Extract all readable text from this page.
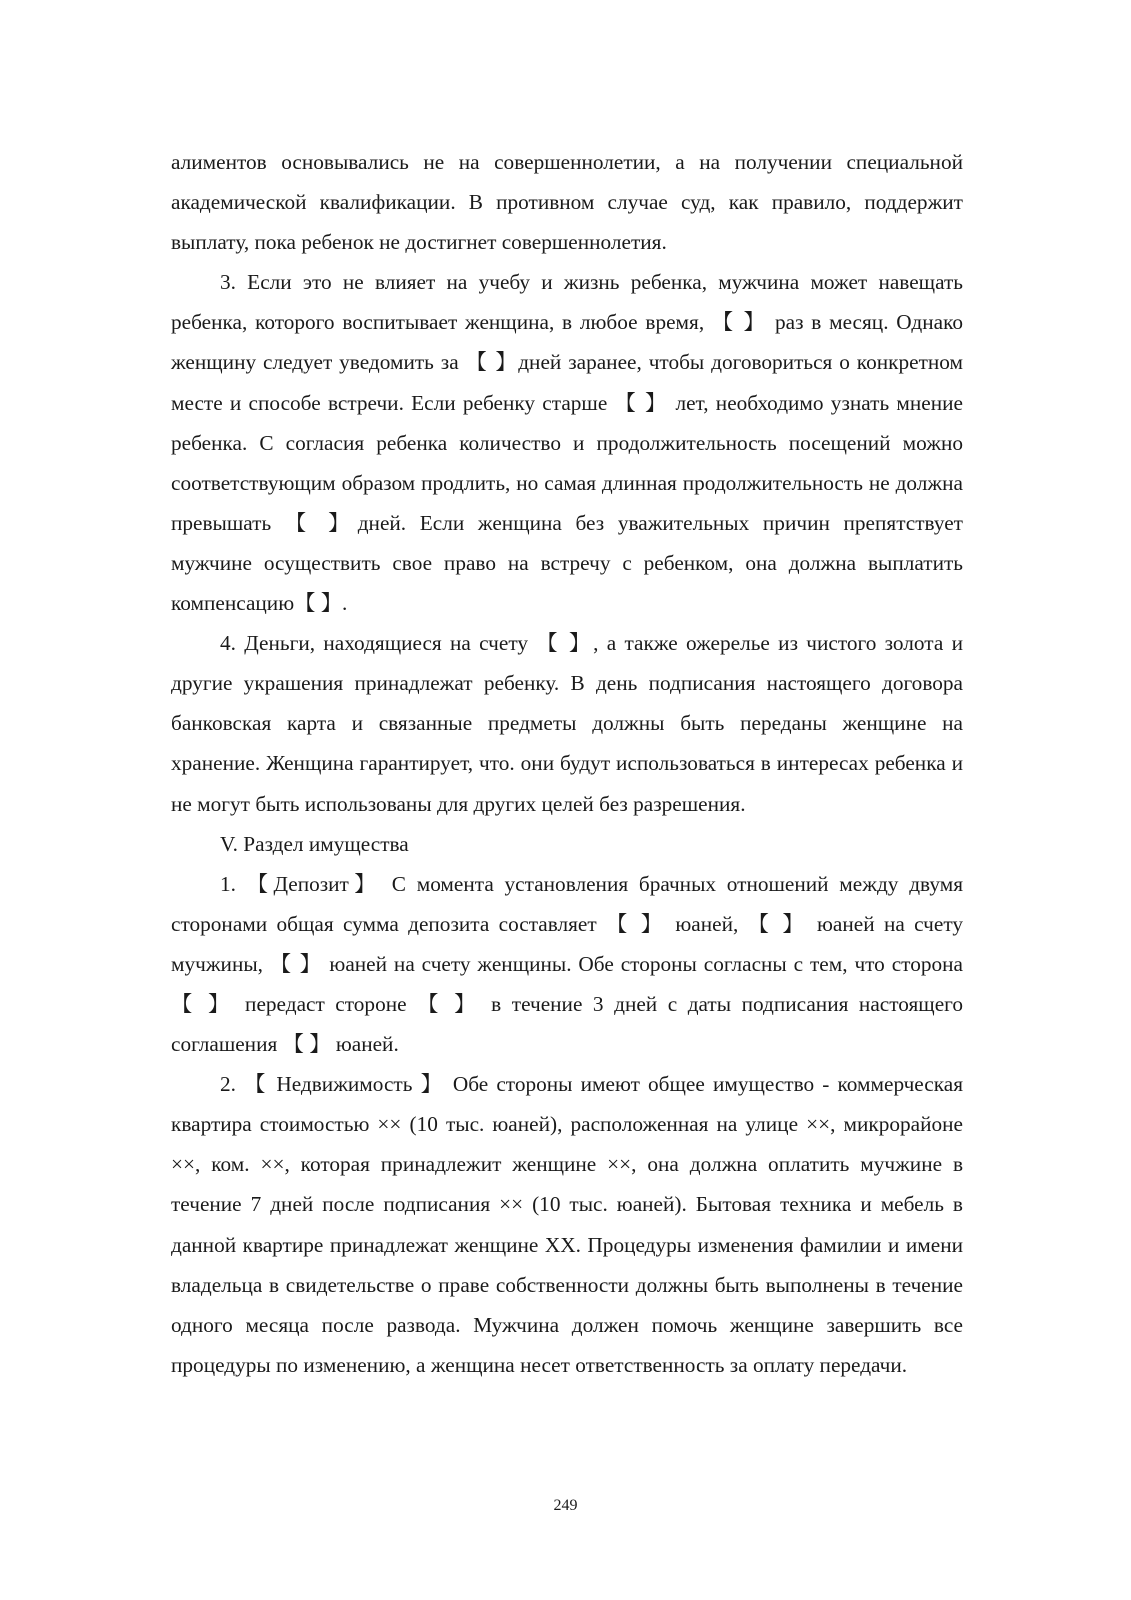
алиментов основывались не на совершеннолетии, а на получении специальной академической квалификации. В противном случае суд, как правило, поддержит выплату, пока ребенок не достигнет совершеннолетия.

3. Если это не влияет на учебу и жизнь ребенка, мужчина может навещать ребенка, которого воспитывает женщина, в любое время, 【 】 раз в месяц. Однако женщину следует уведомить за 【 】дней заранее, чтобы договориться о конкретном месте и способе встречи. Если ребенку старше 【 】 лет, необходимо узнать мнение ребенка. С согласия ребенка количество и продолжительность посещений можно соответствующим образом продлить, но самая длинная продолжительность не должна превышать 【 】дней. Если женщина без уважительных причин препятствует мужчине осуществить свое право на встречу с ребенком, она должна выплатить компенсацию【 】.

4. Деньги, находящиеся на счету 【 】, а также ожерелье из чистого золота и другие украшения принадлежат ребенку. В день подписания настоящего договора банковская карта и связанные предметы должны быть переданы женщине на хранение. Женщина гарантирует, что. они будут использоваться в интересах ребенка и не могут быть использованы для других целей без разрешения.

V. Раздел имущества

1. 【Депозит】 С момента установления брачных отношений между двумя сторонами общая сумма депозита составляет 【 】 юаней, 【 】 юаней на счету мучжины, 【 】 юаней на счету женщины. Обе стороны согласны с тем, что сторона 【 】 передаст стороне 【 】 в течение 3 дней с даты подписания настоящего соглашения 【 】 юаней.

2. 【 Недвижимость 】 Обе стороны имеют общее имущество - коммерческая квартира стоимостью ×× (10 тыс. юаней), расположенная на улице ××, микрорайоне ××, ком. ××, которая принадлежит женщине ××, она должна оплатить мучжине в течение 7 дней после подписания ×× (10 тыс. юаней). Бытовая техника и мебель в данной квартире принадлежат женщине XX. Процедуры изменения фамилии и имени владельца в свидетельстве о праве собственности должны быть выполнены в течение одного месяца после развода. Мужчина должен помочь женщине завершить все процедуры по изменению, а женщина несет ответственность за оплату передачи.

249
